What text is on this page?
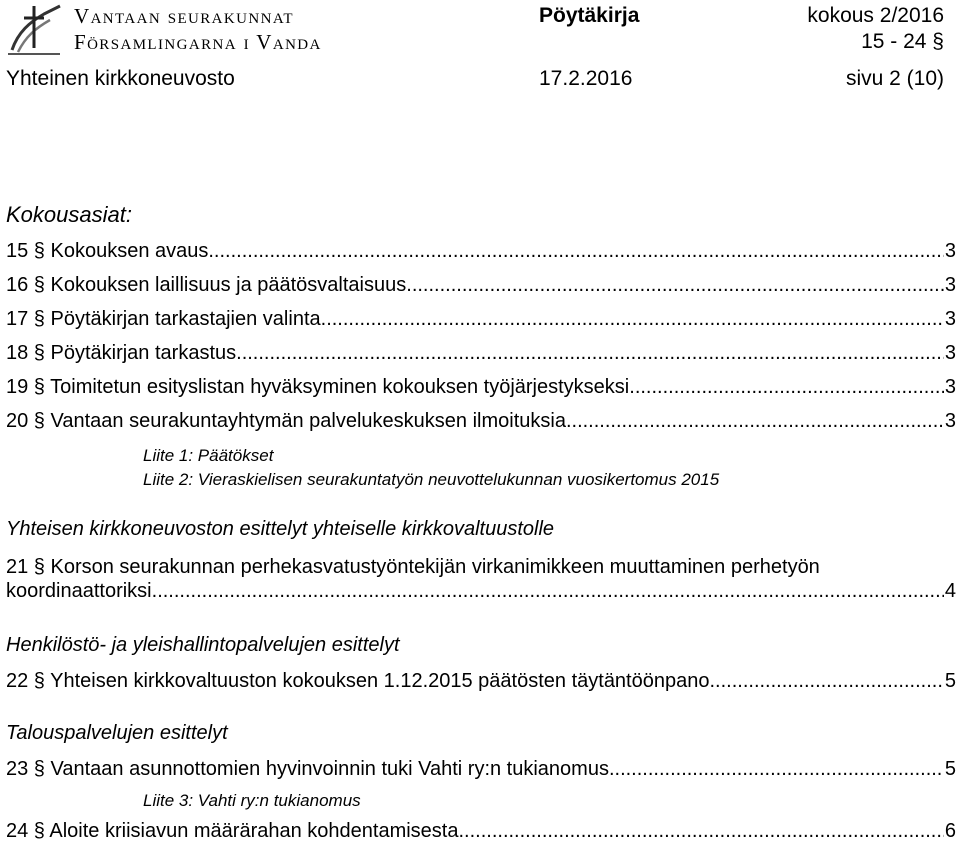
Vantaan seurakunnat
Församlingarna i Vanda
Pöytäkirja	kokous 2/2016
15 ‑ 24 §
Yhteinen kirkkoneuvosto	17.2.2016	sivu 2 (10)
Kokousasiat:
15 § Kokouksen avaus. .....	3
16 § Kokouksen laillisuus ja päätösvaltaisuus. .....	3
17 § Pöytäkirjan tarkastajien valinta. .....	3
18 § Pöytäkirjan tarkastus. .....	3
19 § Toimitetun esityslistan hyväksyminen kokouksen työjärjestykseksi. .....	3
20 § Vantaan seurakuntayhtymän palvelukeskuksen ilmoituksia. .....	3
Liite 1: Päätökset
Liite 2: Vieraskielisen seurakuntatyön neuvottelukunnan vuosikertomus 2015
Yhteisen kirkkoneuvoston esittelyt yhteiselle kirkkovaltuustolle
21 § Korson seurakunnan perhekasvatustyöntekijän virkanimikkeen muuttaminen perhetyön
koordinaattoriksi. .....	4
Henkilöstö- ja yleishallintopalvelujen esittelyt
22 § Yhteisen kirkkovaltuuston kokouksen 1.12.2015 päätösten täytäntöönpano. .....	5
Talouspalvelujen esittelyt
23 § Vantaan asunnottomien hyvinvoinnin tuki Vahti ry:n tukianomus. .....	5
Liite 3: Vahti ry:n tukianomus
24 § Aloite kriisiavun määrärahan kohdentamisesta. .....	6
